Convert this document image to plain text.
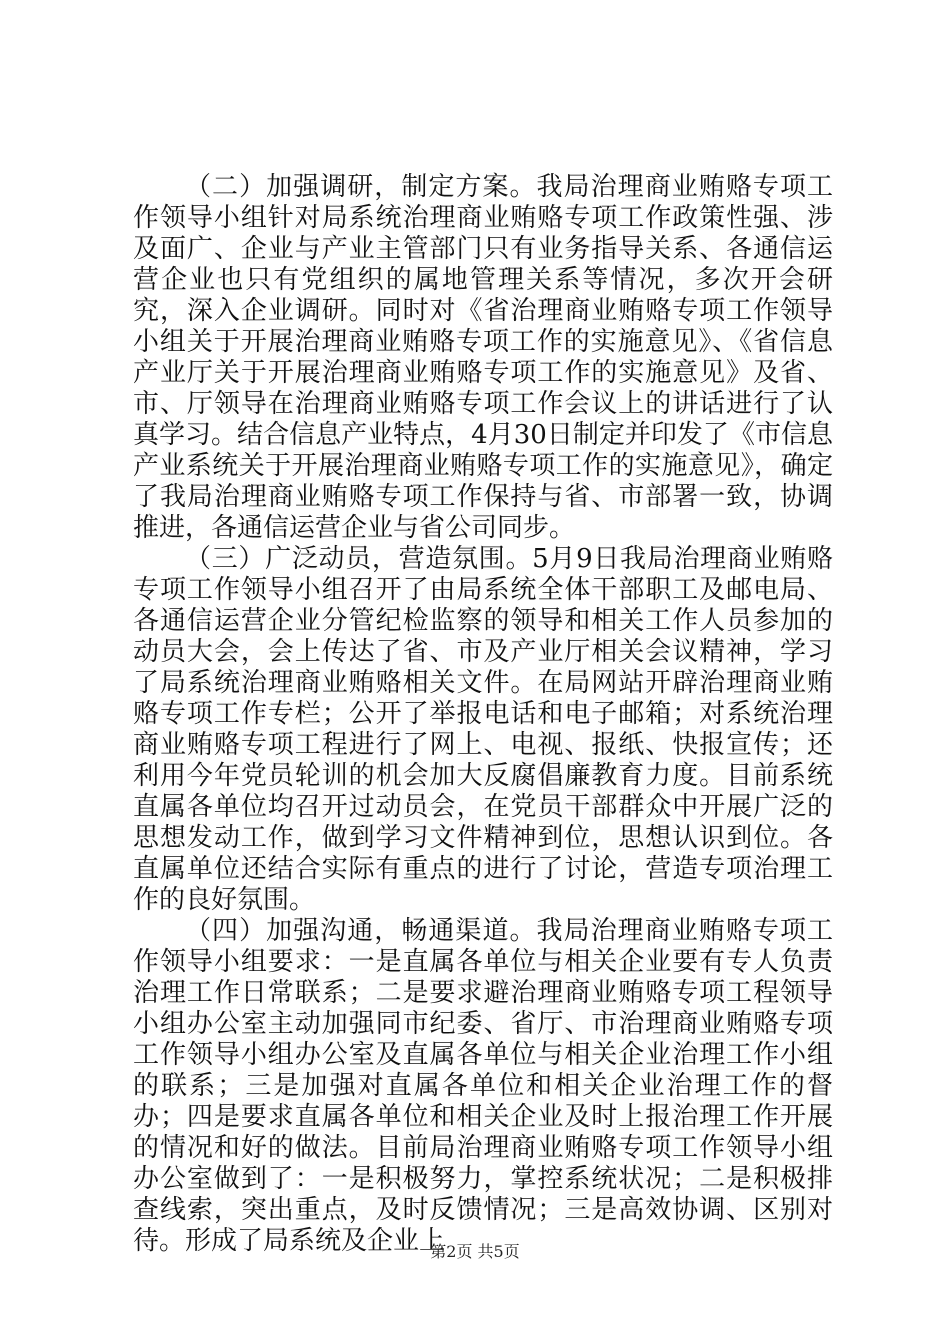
（二）加强调研，制定方案。我局治理商业贿赂专项工作领导小组针对局系统治理商业贿赂专项工作政策性强、涉及面广、企业与产业主管部门只有业务指导关系、各通信运营企业也只有党组织的属地管理关系等情况，多次开会研究，深入企业调研。同时对《省治理商业贿赂专项工作领导小组关于开展治理商业贿赂专项工作的实施意见》、《省信息产业厅关于开展治理商业贿赂专项工作的实施意见》及省、市、厅领导在治理商业贿赂专项工作会议上的讲话进行了认真学习。结合信息产业特点，4月30日制定并印发了《市信息产业系统关于开展治理商业贿赂专项工作的实施意见》，确定了我局治理商业贿赂专项工作保持与省、市部署一致，协调推进，各通信运营企业与省公司同步。

（三）广泛动员，营造氛围。5月9日我局治理商业贿赂专项工作领导小组召开了由局系统全体干部职工及邮电局、各通信运营企业分管纪检监察的领导和相关工作人员参加的动员大会，会上传达了省、市及产业厅相关会议精神，学习了局系统治理商业贿赂相关文件。在局网站开辟治理商业贿赂专项工作专栏；公开了举报电话和电子邮箱；对系统治理商业贿赂专项工程进行了网上、电视、报纸、快报宣传；还利用今年党员轮训的机会加大反腐倡廉教育力度。目前系统直属各单位均召开过动员会，在党员干部群众中开展广泛的思想发动工作，做到学习文件精神到位，思想认识到位。各直属单位还结合实际有重点的进行了讨论，营造专项治理工作的良好氛围。

（四）加强沟通，畅通渠道。我局治理商业贿赂专项工作领导小组要求：一是直属各单位与相关企业要有专人负责治理工作日常联系；二是要求避治理商业贿赂专项工程领导小组办公室主动加强同市纪委、省厅、市治理商业贿赂专项工作领导小组办公室及直属各单位与相关企业治理工作小组的联系；三是加强对直属各单位和相关企业治理工作的督办；四是要求直属各单位和相关企业及时上报治理工作开展的情况和好的做法。目前局治理商业贿赂专项工作领导小组办公室做到了：一是积极努力，掌控系统状况；二是积极排查线索，突出重点，及时反馈情况；三是高效协调、区别对待。形成了局系统及企业上

第2页 共5页
